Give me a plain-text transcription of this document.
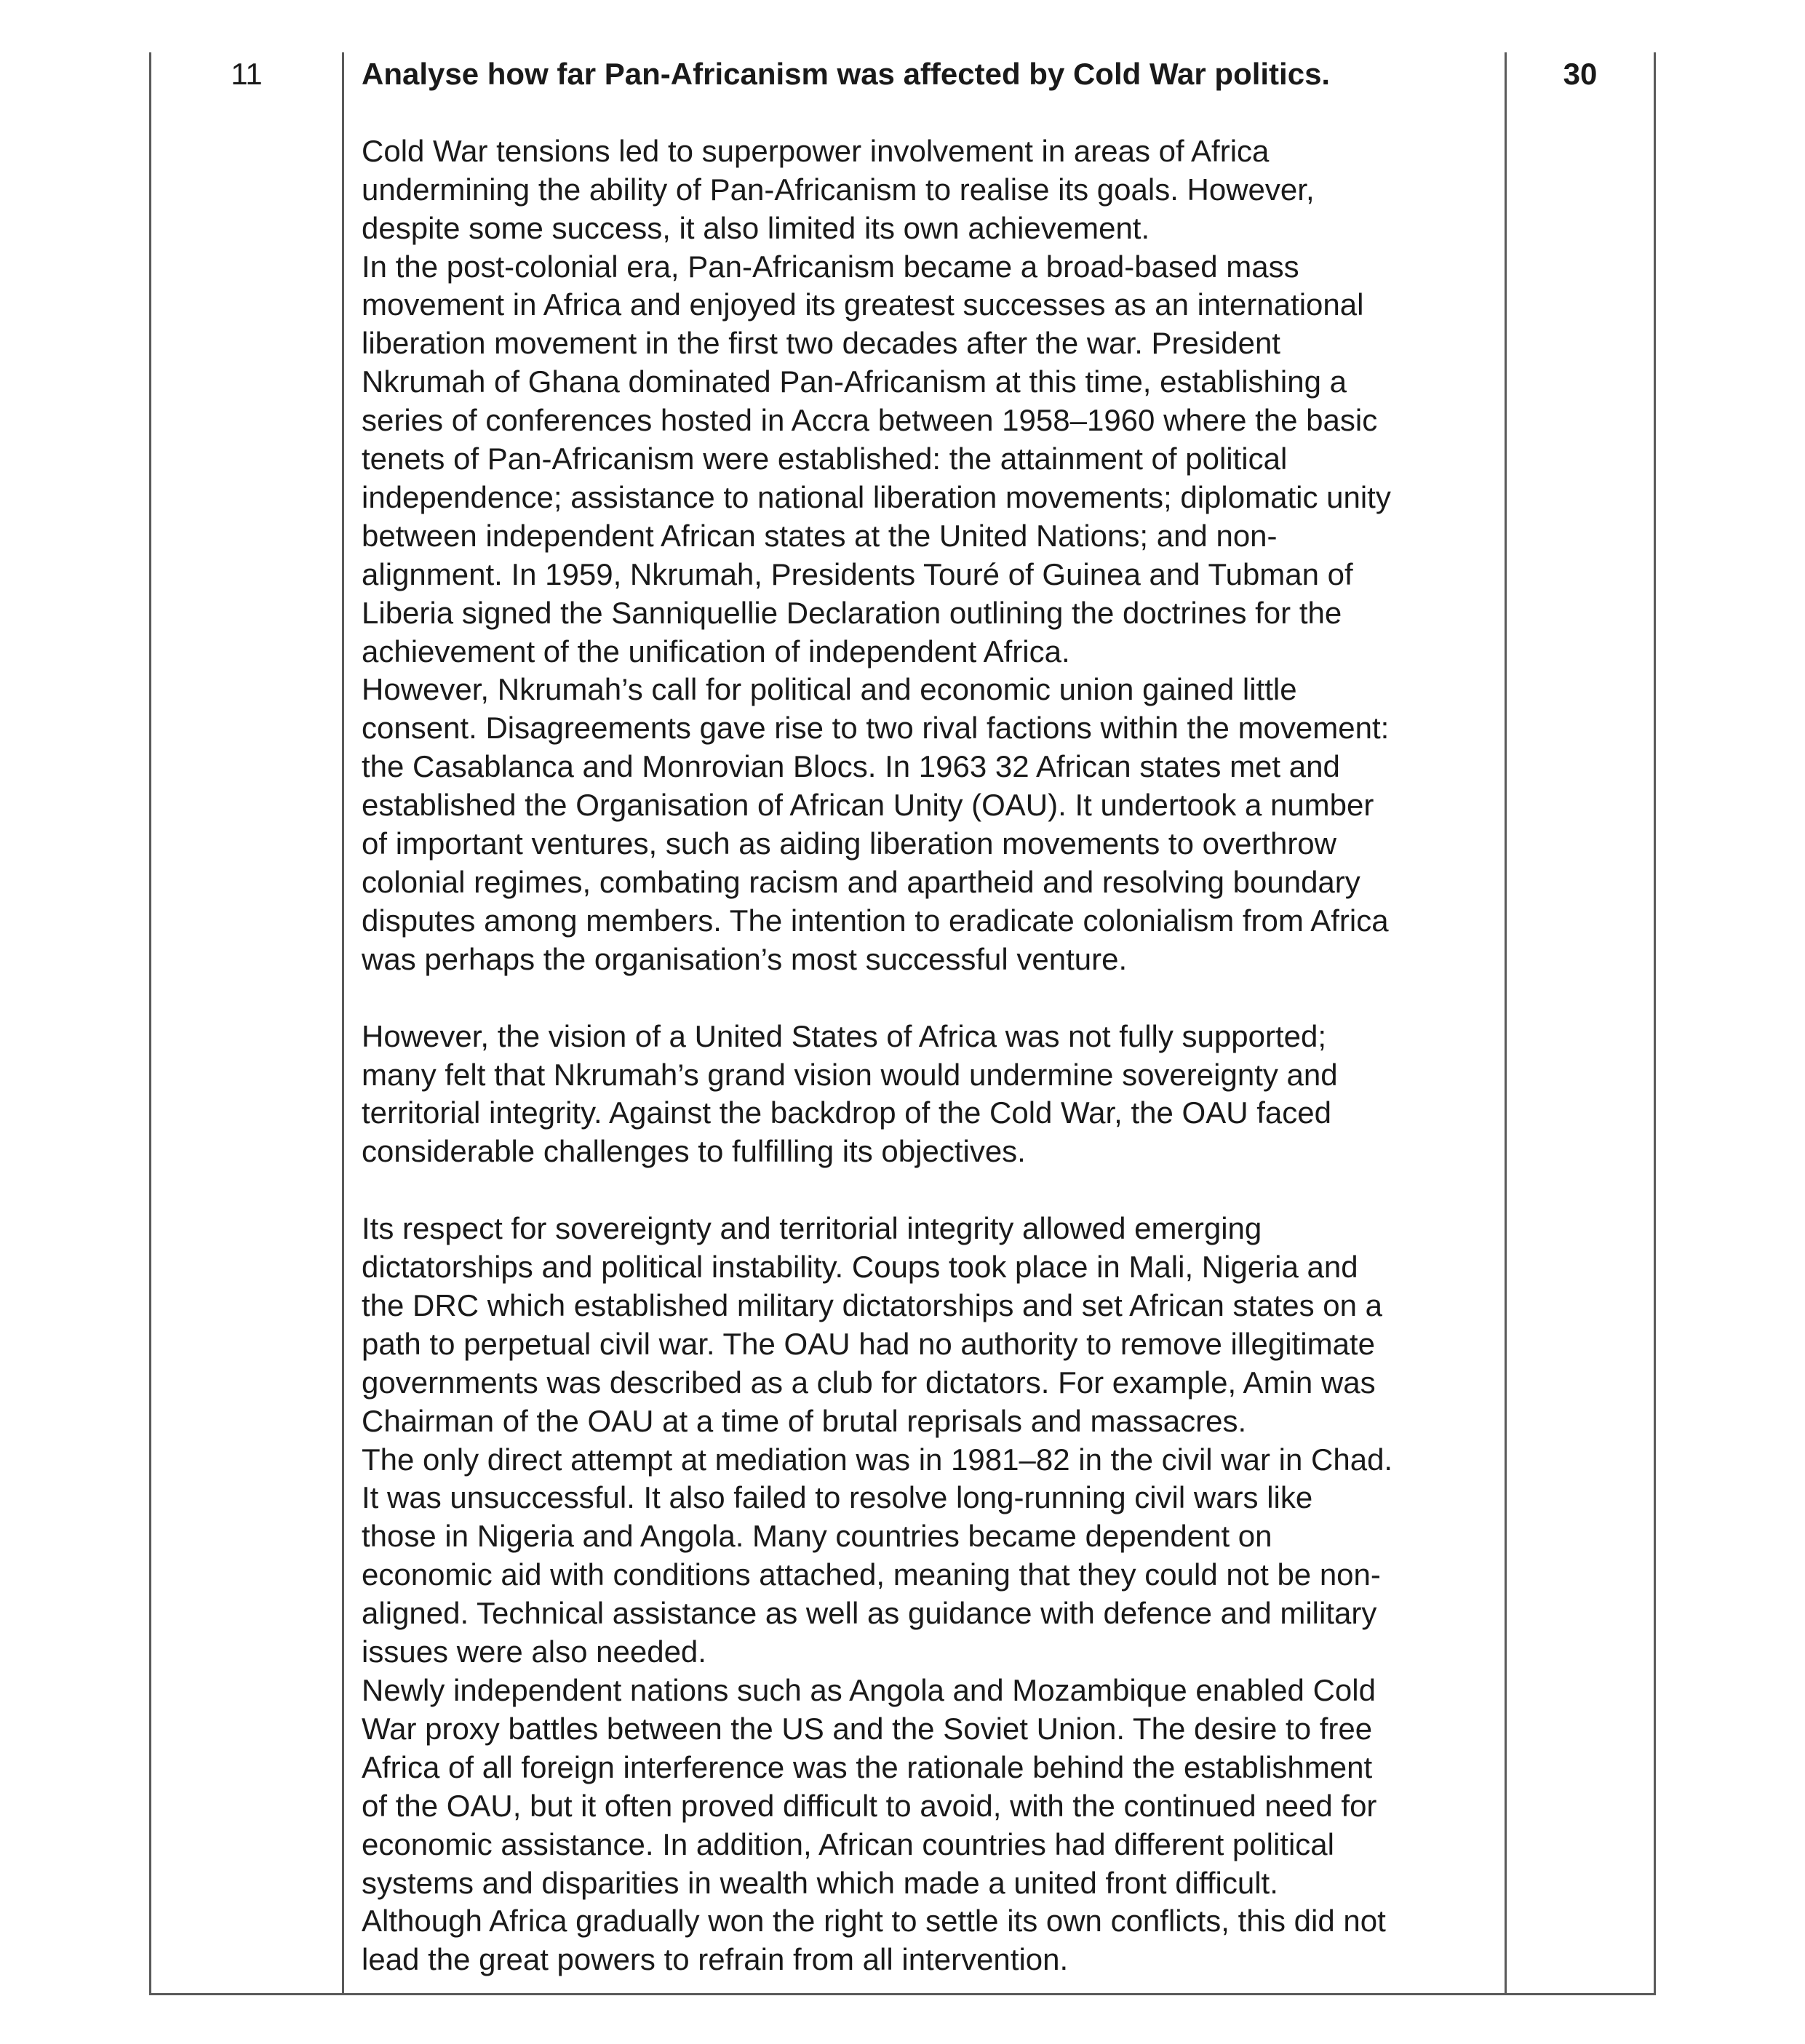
11	30

Analyse how far Pan-Africanism was affected by Cold War politics.

Cold War tensions led to superpower involvement in areas of Africa

undermining the ability of Pan-Africanism to realise its goals. However,

despite some success, it also limited its own achievement.

In the post-colonial era, Pan-Africanism became a broad-based mass

movement in Africa and enjoyed its greatest successes as an international

liberation movement in the first two decades after the war. President

Nkrumah of Ghana dominated Pan-Africanism at this time, establishing a

series of conferences hosted in Accra between 1958–1960 where the basic

tenets of Pan-Africanism were established: the attainment of political

independence; assistance to national liberation movements; diplomatic unity

between independent African states at the United Nations; and non-

alignment. In 1959, Nkrumah, Presidents Touré of Guinea and Tubman of

Liberia signed the Sanniquellie Declaration outlining the doctrines for the

achievement of the unification of independent Africa.

However, Nkrumah’s call for political and economic union gained little

consent. Disagreements gave rise to two rival factions within the movement:

the Casablanca and Monrovian Blocs. In 1963 32 African states met and

established the Organisation of African Unity (OAU). It undertook a number

of important ventures, such as aiding liberation movements to overthrow

colonial regimes, combating racism and apartheid and resolving boundary

disputes among members. The intention to eradicate colonialism from Africa

was perhaps the organisation’s most successful venture.

However, the vision of a United States of Africa was not fully supported;

many felt that Nkrumah’s grand vision would undermine sovereignty and

territorial integrity. Against the backdrop of the Cold War, the OAU faced

considerable challenges to fulfilling its objectives.

Its respect for sovereignty and territorial integrity allowed emerging

dictatorships and political instability. Coups took place in Mali, Nigeria and

the DRC which established military dictatorships and set African states on a

path to perpetual civil war. The OAU had no authority to remove illegitimate

governments was described as a club for dictators. For example, Amin was

Chairman of the OAU at a time of brutal reprisals and massacres.

The only direct attempt at mediation was in 1981–82 in the civil war in Chad.

It was unsuccessful. It also failed to resolve long-running civil wars like

those in Nigeria and Angola. Many countries became dependent on

economic aid with conditions attached, meaning that they could not be non-

aligned. Technical assistance as well as guidance with defence and military

issues were also needed.

Newly independent nations such as Angola and Mozambique enabled Cold

War proxy battles between the US and the Soviet Union. The desire to free

Africa of all foreign interference was the rationale behind the establishment

of the OAU, but it often proved difficult to avoid, with the continued need for

economic assistance. In addition, African countries had different political

systems and disparities in wealth which made a united front difficult.

Although Africa gradually won the right to settle its own conflicts, this did not

lead the great powers to refrain from all intervention.
